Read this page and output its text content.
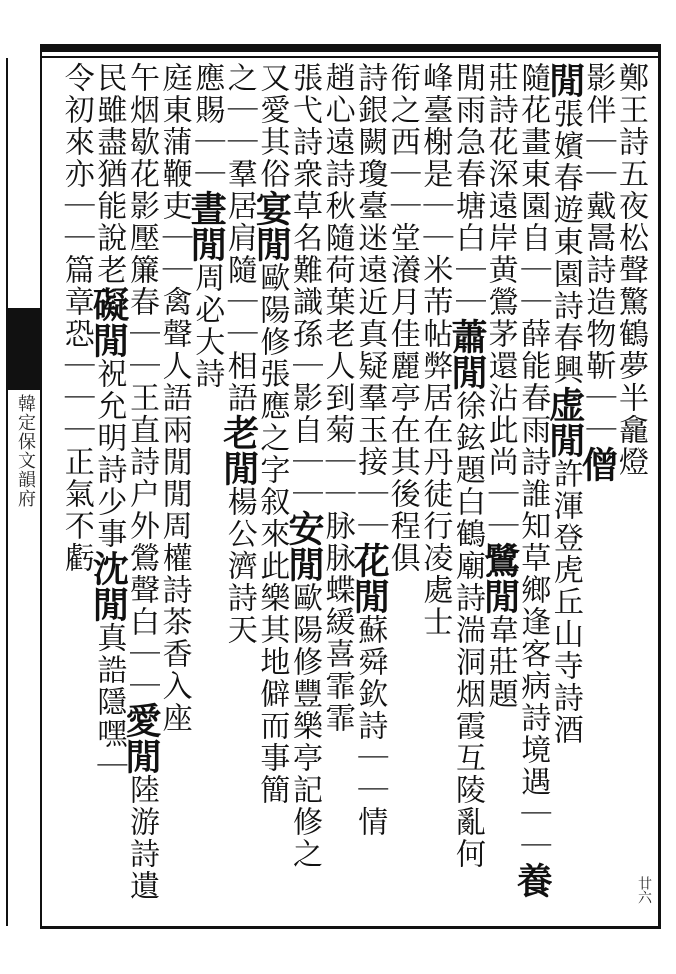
韓定保文韻府
廿六
鄭王詩五夜松聲驚鶴夢半龕燈
影伴｜｜戴暠詩造物靳｜｜僧
閒張嬪春遊東園詩春興虚閒許渾登虎丘山寺詩酒
隨花畫東園自｜｜薛能春雨詩誰知草鄉逢客病詩境遇｜｜養
莊詩花深遠岸黄鶯茅還沾此尚｜｜鷺閒韋莊題
閒雨急春塘白｜｜蕭閒徐鉉題白鶴廟詩湍洞烟霞互陵亂何
峰臺榭是｜｜米芾帖弊居在丹徒行凌處士
衔之西｜｜堂瀁月佳麗亭在其後程俱
詩銀闕瓊臺迷遠近真疑羣玉接｜｜花閒蘇舜欽詩｜｜情
趙心遠詩秋隨荷葉老人到菊｜｜脉脉蝶緩喜霏霏
張弋詩衆草名難識孫｜影自｜｜安閒歐陽修豐樂亭記修之
又愛其俗宴閒歐陽修張應之字叙來此樂其地僻而事簡
之｜｜羣居肩隨｜｜相語老閒楊公濟詩天
應賜｜｜晝閒周必大詩
庭東蒲鞭吏｜｜禽聲人語兩閒閒周權詩茶香入座
午烟歇花影壓簾春｜｜王直詩户外鶯聲白｜｜愛閒陸游詩遺
民雖盡猶能說老礙閒祝允明詩少事沈閒真誥隱嘿｜
令初來亦｜｜篇章恐｜｜｜正氣不虧
